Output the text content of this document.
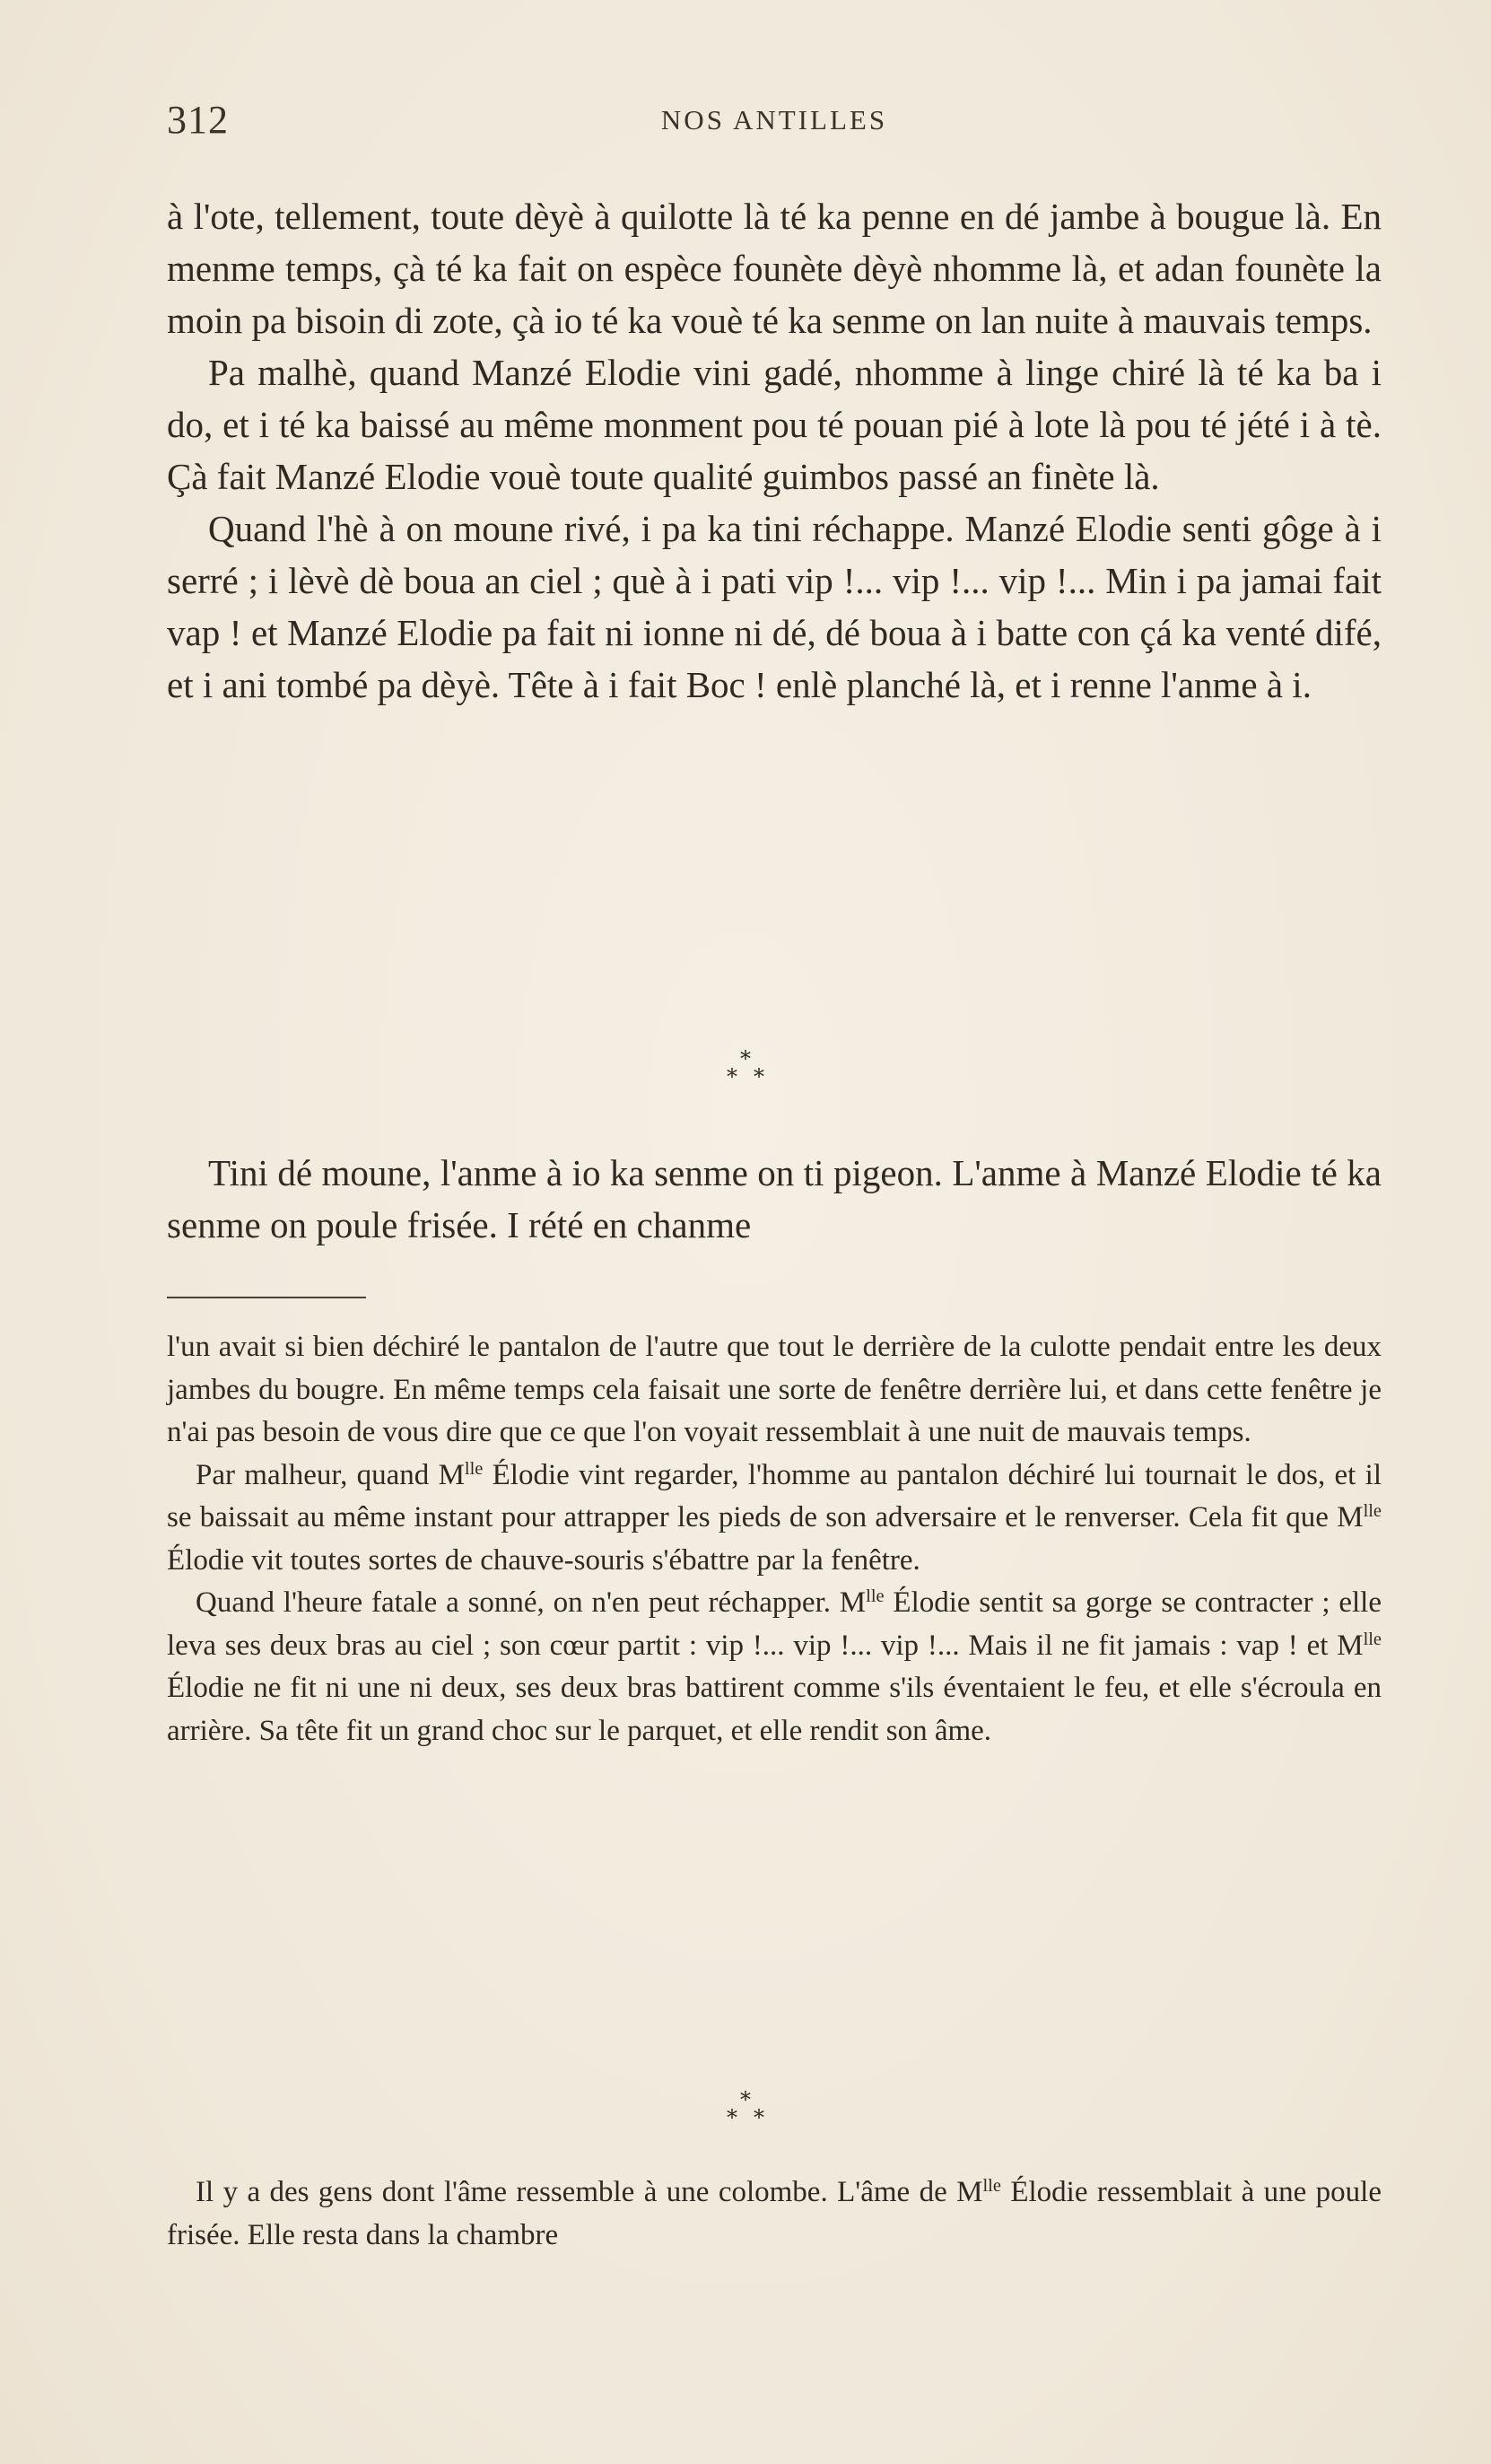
312	NOS ANTILLES

à l'ote, tellement, toute dèyè à quilotte là té ka penne en dé jambe à bougue là. En menme temps, çà té ka fait on espèce founète dèyè nhomme là, et adan founète la moin pa bisoin di zote, çà io té ka vouè té ka senme on lan nuite à mauvais temps.

Pa malhè, quand Manzé Elodie vini gadé, nhomme à linge chiré là té ka ba i do, et i té ka baissé au même monment pou té pouan pié à lote là pou té jété i à tè. Çà fait Manzé Elodie vouè toute qualité guimbos passé an finète là.

Quand l'hè à on moune rivé, i pa ka tini réchappe. Manzé Elodie senti gôge à i serré ; i lèvè dè boua an ciel ; què à i pati vip !... vip !... vip !... Min i pa jamai fait vap ! et Manzé Elodie pa fait ni ionne ni dé, dé boua à i batte con çá ka venté difé, et i ani tombé pa dèyè. Tête à i fait Boc ! enlè planché là, et i renne l'anme à i.

*
**

Tini dé moune, l'anme à io ka senme on ti pigeon. L'anme à Manzé Elodie té ka senme on poule frisée. I rété en chanme

l'un avait si bien déchiré le pantalon de l'autre que tout le derrière de la culotte pendait entre les deux jambes du bougre. En même temps cela faisait une sorte de fenêtre derrière lui, et dans cette fenêtre je n'ai pas besoin de vous dire que ce que l'on voyait ressemblait à une nuit de mauvais temps.

Par malheur, quand $M^{lle}$ Élodie vint regarder, l'homme au pantalon déchiré lui tournait le dos, et il se baissait au même instant pour attrapper les pieds de son adversaire et le renverser. Cela fit que $M^{lle}$ Élodie vit toutes sortes de chauve-souris s'ébattre par la fenêtre.

Quand l'heure fatale a sonné, on n'en peut réchapper. $M^{lle}$ Élodie sentit sa gorge se contracter ; elle leva ses deux bras au ciel ; son cœur partit : vip !... vip !... vip !... Mais il ne fit jamais : vap ! et $M^{lle}$ Élodie ne fit ni une ni deux, ses deux bras battirent comme s'ils éventaient le feu, et elle s'écroula en arrière. Sa tête fit un grand choc sur le parquet, et elle rendit son âme.

*
**

Il y a des gens dont l'âme ressemble à une colombe. L'âme de $M^{lle}$ Élodie ressemblait à une poule frisée. Elle resta dans la chambre
